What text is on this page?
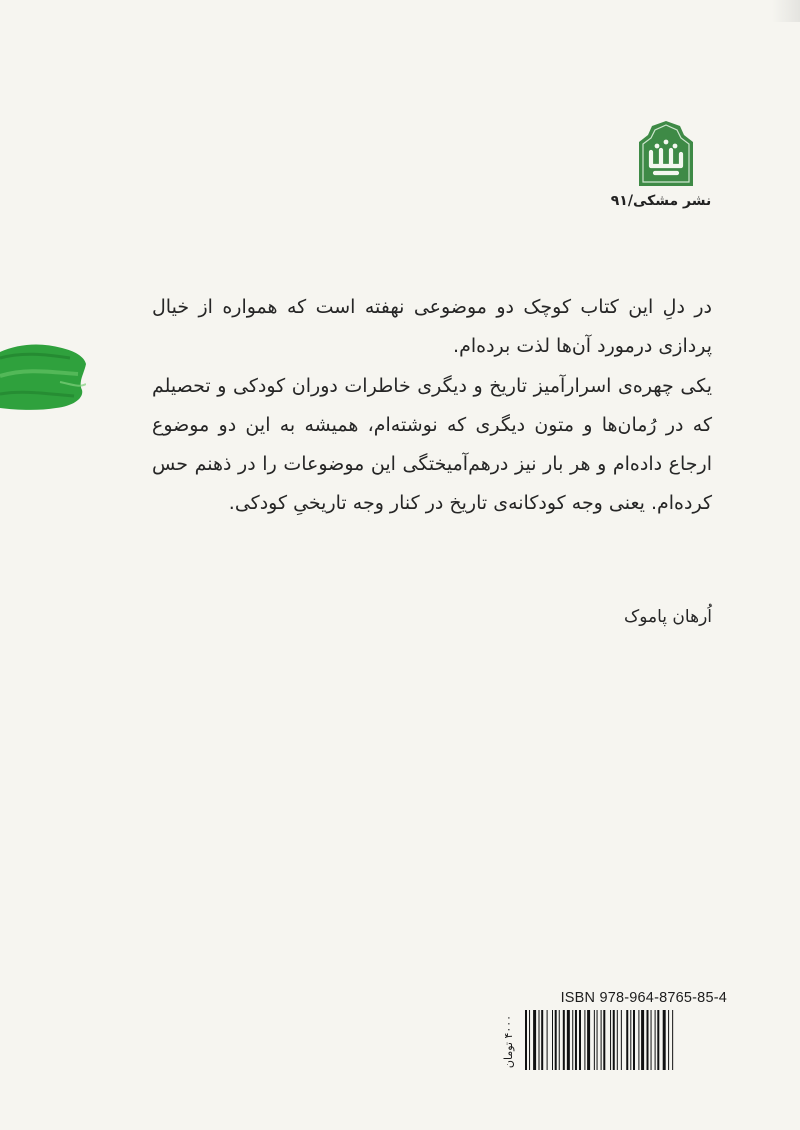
نشر مشکی/۹۱

در دلِ این کتاب کوچک دو موضوعی نهفته است که همواره از خیال پردازی درمورد آن‌ها لذت برده‌ام.

یکی چهره‌ی اسرارآمیز تاریخ و دیگری خاطرات دوران کودکی و تحصیلم که در رُمان‌ها و متون دیگری که نوشته‌ام، همیشه به این دو موضوع ارجاع داده‌ام و هر بار نیز درهم‌آمیختگی این موضوعات را در ذهنم حس کرده‌ام. یعنی وجه کودکانه‌ی تاریخ در کنار وجه تاریخیِ کودکی.

اُرهان پاموک
ISBN 978-964-8765-85-4
۴۰۰۰ تومان
